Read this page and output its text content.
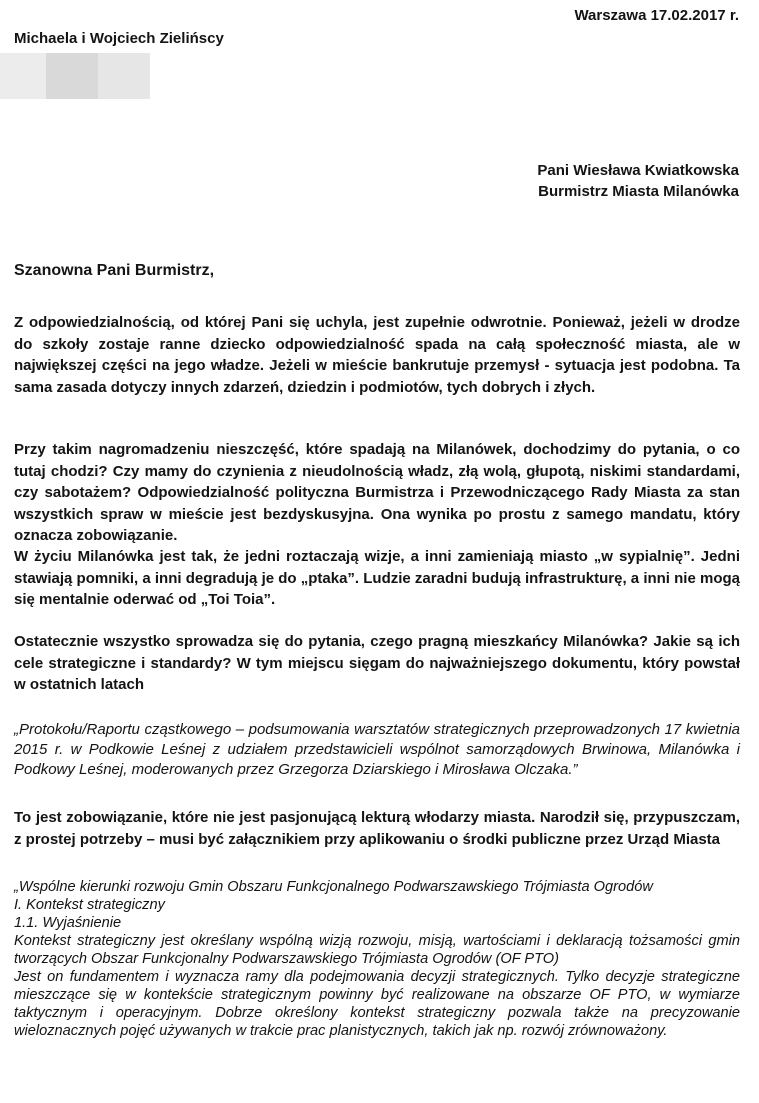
Warszawa 17.02.2017 r.
Michaela i Wojciech Zielińscy
Pani Wiesława Kwiatkowska
Burmistrz Miasta Milanówka
Szanowna Pani Burmistrz,
Z odpowiedzialnością, od której Pani się uchyla, jest zupełnie odwrotnie. Ponieważ, jeżeli w drodze do szkoły zostaje ranne dziecko odpowiedzialność spada na całą społeczność miasta, ale w największej części na jego władze. Jeżeli w mieście bankrutuje przemysł - sytuacja jest podobna. Ta sama zasada dotyczy innych zdarzeń, dziedzin i podmiotów, tych dobrych i złych.
Przy takim nagromadzeniu nieszczęść, które spadają na Milanówek, dochodzimy do pytania, o co tutaj chodzi? Czy mamy do czynienia z nieudolnością władz, złą wolą, głupotą, niskimi standardami, czy sabotażem? Odpowiedzialność polityczna Burmistrza i Przewodniczącego Rady Miasta za stan wszystkich spraw w mieście jest bezdyskusyjna. Ona wynika po prostu z samego mandatu, który oznacza zobowiązanie.
W życiu Milanówka jest tak, że jedni roztaczają wizje, a inni zamieniają miasto „w sypialnię”. Jedni stawiają pomniki, a inni degradują je do „ptaka”. Ludzie zaradni budują infrastrukturę, a inni nie mogą się mentalnie oderwać od „Toi Toia”.
Ostatecznie wszystko sprowadza się do pytania, czego pragną mieszkańcy Milanówka? Jakie są ich cele strategiczne i standardy? W tym miejscu sięgam do najważniejszego dokumentu, który powstał w ostatnich latach
„Protokołu/Raportu cząstkowego – podsumowania warsztatów strategicznych przeprowadzonych 17 kwietnia 2015 r. w Podkowie Leśnej z udziałem przedstawicieli wspólnot samorządowych Brwinowa, Milanówka i Podkowy Leśnej, moderowanych przez Grzegorza Dziarskiego i Mirosława Olczaka.”
To jest zobowiązanie, które nie jest pasjonującą lekturą włodarzy miasta. Narodził się, przypuszczam, z prostej potrzeby – musi być załącznikiem przy aplikowaniu o środki publiczne przez Urząd Miasta
„Wspólne kierunki rozwoju Gmin Obszaru Funkcjonalnego Podwarszawskiego Trójmiasta Ogrodów
I. Kontekst strategiczny
1.1. Wyjaśnienie
Kontekst strategiczny jest określany wspólną wizją rozwoju, misją, wartościami i deklaracją tożsamości gmin tworzących Obszar Funkcjonalny Podwarszawskiego Trójmiasta Ogrodów (OF PTO)
Jest on fundamentem i wyznacza ramy dla podejmowania decyzji strategicznych. Tylko decyzje strategiczne mieszczące się w kontekście strategicznym powinny być realizowane na obszarze OF PTO, w wymiarze taktycznym i operacyjnym. Dobrze określony kontekst strategiczny pozwala także na precyzowanie wieloznacznych pojęć używanych w trakcie prac planistycznych, takich jak np. rozwój zrównoważony.
